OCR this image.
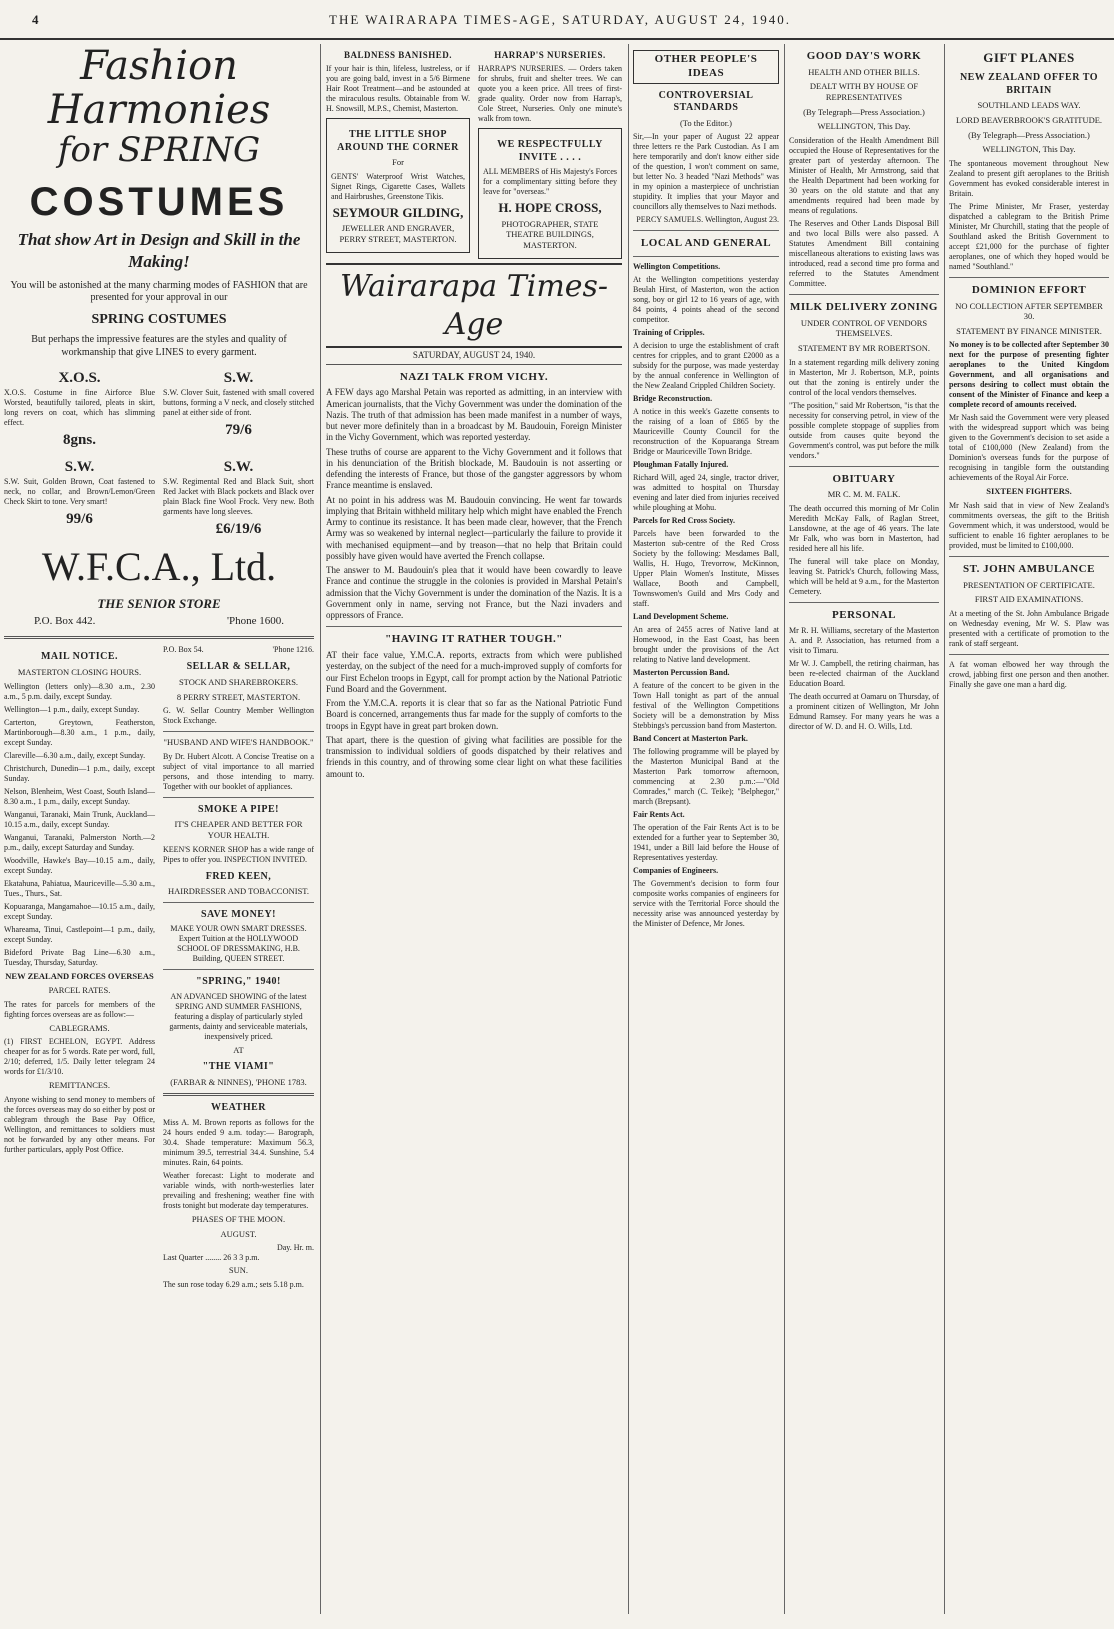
4	THE WAIRARAPA TIMES-AGE, SATURDAY, AUGUST 24, 1940.
Fashion
Harmonies
for SPRING
COSTUMES
That show Art in Design and Skill in the Making!

You will be astonished at the many charming modes of FASHION that are presented for your approval in our

SPRING COSTUMES

But perhaps the impressive features are the styles and quality of workmanship that give LINES to every garment.

X.O.S.

X.O.S. Costume in fine Airforce Blue Worsted, beautifully tailored, pleats in skirt, long revers on coat, which has slimming effect.

8gns.
S.W.

S.W. Clover Suit, fastened with small covered buttons, forming a V neck, and closely stitched panel at either side of front.

79/6
S.W.

S.W. Suit, Golden Brown, Coat fastened to neck, no collar, and Brown/Lemon/Green Check Skirt to tone. Very smart!

99/6
S.W.

S.W. Regimental Red and Black Suit, short Red Jacket with Black pockets and Black over plain Black fine Wool Frock. Very new. Both garments have long sleeves.

£6/19/6
W.F.C.A., Ltd.
THE SENIOR STORE
P.O. Box 442.	'Phone 1600.
MAIL NOTICE.
MASTERTON CLOSING HOURS.

Wellington (letters only)—8.30 a.m., 2.30 a.m., 5 p.m. daily, except Sunday.

Wellington—1 p.m., daily, except Sunday.

Carterton, Greytown, Featherston, Martinborough—8.30 a.m., 1 p.m., daily, except Sunday.

Clareville—6.30 a.m., daily, except Sunday.

Christchurch, Dunedin—1 p.m., daily, except Sunday.

Nelson, Blenheim, West Coast, South Island—8.30 a.m., 1 p.m., daily, except Sunday.

Wanganui, Taranaki, Main Trunk, Auckland—10.15 a.m., daily, except Sunday.

Wanganui, Taranaki, Palmerston North.—2 p.m., daily, except Saturday and Sunday.

Woodville, Hawke's Bay—10.15 a.m., daily, except Sunday.

Ekatahuna, Pahiatua, Mauriceville—5.30 a.m., Tues., Thurs., Sat.

Kopuaranga, Mangamahoe—10.15 a.m., daily, except Sunday.

Whareama, Tinui, Castlepoint—1 p.m., daily, except Sunday.

Bideford Private Bag Line—6.30 a.m., Tuesday, Thursday, Saturday.

NEW ZEALAND FORCES OVERSEAS
PARCEL RATES.

The rates for parcels for members of the fighting forces overseas are as follow:—

CABLEGRAMS.

(1) FIRST ECHELON, EGYPT. Address cheaper for as for 5 words. Rate per word, full, 2/10; deferred, 1/5. Daily letter telegram 24 words for £1/3/10.

REMITTANCES.

Anyone wishing to send money to members of the forces overseas may do so either by post or cablegram through the Base Pay Office, Wellington, and remittances to soldiers must not be forwarded by any other means. For further particulars, apply Post Office.

P.O. Box 54.	'Phone 1216.
SELLAR & SELLAR,
STOCK AND SHAREBROKERS.
8 PERRY STREET, MASTERTON.

G. W. Sellar Country Member Wellington Stock Exchange.

"HUSBAND AND WIFE'S HANDBOOK."

By Dr. Hubert Alcott. A Concise Treatise on a subject of vital importance to all married persons, and those intending to marry. Together with our booklet of appliances.

SMOKE A PIPE!
IT'S CHEAPER AND BETTER FOR YOUR HEALTH.

KEEN'S KORNER SHOP has a wide range of Pipes to offer you. INSPECTION INVITED.

FRED KEEN,
HAIRDRESSER AND TOBACCONIST.
SAVE MONEY!

MAKE YOUR OWN SMART DRESSES. Expert Tuition at the HOLLYWOOD SCHOOL OF DRESSMAKING, H.B. Building, QUEEN STREET.

"SPRING," 1940!

AN ADVANCED SHOWING of the latest SPRING AND SUMMER FASHIONS, featuring a display of particularly styled garments, dainty and serviceable materials, inexpensively priced.

AT
"THE VIAMI"
(FARBAR & NINNES), 'PHONE 1783.
WEATHER

Miss A. M. Brown reports as follows for the 24 hours ended 9 a.m. today:— Barograph, 30.4. Shade temperature: Maximum 56.3, minimum 39.5, terrestrial 34.4. Sunshine, 5.4 minutes. Rain, 64 points.

Weather forecast: Light to moderate and variable winds, with north-westerlies later prevailing and freshening; weather fine with frosts tonight but moderate day temperatures.

PHASES OF THE MOON.
AUGUST.
Day. Hr. m.
Last Quarter ........ 26 3 3 p.m.
SUN.

The sun rose today 6.29 a.m.; sets 5.18 p.m.

BALDNESS BANISHED.

If your hair is thin, lifeless, lustreless, or if you are going bald, invest in a 5/6 Birmene Hair Root Treatment—and be astounded at the miraculous results. Obtainable from W. H. Snowsill, M.P.S., Chemist, Masterton.

THE LITTLE SHOP AROUND THE CORNER
For

GENTS' Waterproof Wrist Watches, Signet Rings, Cigarette Cases, Wallets and Hairbrushes, Greenstone Tikis.

SEYMOUR GILDING,
JEWELLER AND ENGRAVER, PERRY STREET, MASTERTON.
HARRAP'S NURSERIES.

HARRAP'S NURSERIES. — Orders taken for shrubs, fruit and shelter trees. We can quote you a keen price. All trees of first-grade quality. Order now from Harrap's, Cole Street, Nurseries. Only one minute's walk from town.

WE RESPECTFULLY INVITE . . . .

ALL MEMBERS of His Majesty's Forces for a complimentary sitting before they leave for "overseas."

H. HOPE CROSS,
PHOTOGRAPHER, STATE THEATRE BUILDINGS, MASTERTON.
Wairarapa Times-Age
SATURDAY, AUGUST 24, 1940.
NAZI TALK FROM VICHY.

A FEW days ago Marshal Petain was reported as admitting, in an interview with American journalists, that the Vichy Government was under the domination of the Nazis. The truth of that admission has been made manifest in a number of ways, but never more definitely than in a broadcast by M. Baudouin, Foreign Minister in the Vichy Government, which was reported yesterday.

These truths of course are apparent to the Vichy Government and it follows that in his denunciation of the British blockade, M. Baudouin is not asserting or defending the interests of France, but those of the gangster aggressors by whom France meantime is enslaved.

At no point in his address was M. Baudouin convincing. He went far towards implying that Britain withheld military help which might have enabled the French Army to continue its resistance. It has been made clear, however, that the French Army was so weakened by internal neglect—particularly the failure to provide it with mechanised equipment—and by treason—that no help that Britain could possibly have given would have averted the French collapse.

The answer to M. Baudouin's plea that it would have been cowardly to leave France and continue the struggle in the colonies is provided in Marshal Petain's admission that the Vichy Government is under the domination of the Nazis. It is a Government only in name, serving not France, but the Nazi invaders and oppressors of France.

"HAVING IT RATHER TOUGH."

AT their face value, Y.M.C.A. reports, extracts from which were published yesterday, on the subject of the need for a much-improved supply of comforts for our First Echelon troops in Egypt, call for prompt action by the National Patriotic Fund Board and the Government.

From the Y.M.C.A. reports it is clear that so far as the National Patriotic Fund Board is concerned, arrangements thus far made for the supply of comforts to the troops in Egypt have in great part broken down.

That apart, there is the question of giving what facilities are possible for the transmission to individual soldiers of goods dispatched by their relatives and friends in this country, and of throwing some clear light on what these facilities amount to.

OTHER PEOPLE'S IDEAS
CONTROVERSIAL STANDARDS
(To the Editor.)

Sir,—In your paper of August 22 appear three letters re the Park Custodian. As I am here temporarily and don't know either side of the question, I won't comment on same, but letter No. 3 headed "Nazi Methods" was in my opinion a masterpiece of unchristian stupidity. It implies that your Mayor and councillors ally themselves to Nazi methods.

PERCY SAMUELS. Wellington, August 23.

LOCAL AND GENERAL

Wellington Competitions.

At the Wellington competitions yesterday Beulah Hirst, of Masterton, won the action song, boy or girl 12 to 16 years of age, with 84 points, 4 points ahead of the second competitor.

Training of Cripples.

A decision to urge the establishment of craft centres for cripples, and to grant £2000 as a subsidy for the purpose, was made yesterday by the annual conference in Wellington of the New Zealand Crippled Children Society.

Bridge Reconstruction.

A notice in this week's Gazette consents to the raising of a loan of £865 by the Mauriceville County Council for the reconstruction of the Kopuaranga Stream Bridge or Mauriceville Town Bridge.

Ploughman Fatally Injured.

Richard Will, aged 24, single, tractor driver, was admitted to hospital on Thursday evening and later died from injuries received while ploughing at Mohu.

Parcels for Red Cross Society.

Parcels have been forwarded to the Masterton sub-centre of the Red Cross Society by the following: Mesdames Ball, Wallis, H. Hugo, Trevorrow, McKinnon, Upper Plain Women's Institute, Misses Wallace, Booth and Campbell, Townswomen's Guild and Mrs Cody and staff.

Land Development Scheme.

An area of 2455 acres of Native land at Homewood, in the East Coast, has been brought under the provisions of the Act relating to Native land development.

Masterton Percussion Band.

A feature of the concert to be given in the Town Hall tonight as part of the annual festival of the Wellington Competitions Society will be a demonstration by Miss Stebbings's percussion band from Masterton.

Band Concert at Masterton Park.

The following programme will be played by the Masterton Municipal Band at the Masterton Park tomorrow afternoon, commencing at 2.30 p.m.:—"Old Comrades," march (C. Teike); "Belphegor," march (Brepsant).

Fair Rents Act.

The operation of the Fair Rents Act is to be extended for a further year to September 30, 1941, under a Bill laid before the House of Representatives yesterday.

Companies of Engineers.

The Government's decision to form four composite works companies of engineers for service with the Territorial Force should the necessity arise was announced yesterday by the Minister of Defence, Mr Jones.

GOOD DAY'S WORK
HEALTH AND OTHER BILLS.
DEALT WITH BY HOUSE OF REPRESENTATIVES
(By Telegraph—Press Association.)
WELLINGTON, This Day.

Consideration of the Health Amendment Bill occupied the House of Representatives for the greater part of yesterday afternoon. The Minister of Health, Mr Armstrong, said that the Health Department had been working for 30 years on the old statute and that any amendments required had been made by means of regulations.

The Reserves and Other Lands Disposal Bill and two local Bills were also passed. A Statutes Amendment Bill containing miscellaneous alterations to existing laws was introduced, read a second time pro forma and referred to the Statutes Amendment Committee.

MILK DELIVERY ZONING
UNDER CONTROL OF VENDORS THEMSELVES.
STATEMENT BY MR ROBERTSON.

In a statement regarding milk delivery zoning in Masterton, Mr J. Robertson, M.P., points out that the zoning is entirely under the control of the local vendors themselves.

"The position," said Mr Robertson, "is that the necessity for conserving petrol, in view of the possible complete stoppage of supplies from outside from causes quite beyond the Government's control, was put before the milk vendors."

OBITUARY
MR C. M. M. FALK.

The death occurred this morning of Mr Colin Meredith McKay Falk, of Raglan Street, Lansdowne, at the age of 46 years. The late Mr Falk, who was born in Masterton, had resided here all his life.

The funeral will take place on Monday, leaving St. Patrick's Church, following Mass, which will be held at 9 a.m., for the Masterton Cemetery.

PERSONAL

Mr R. H. Williams, secretary of the Masterton A. and P. Association, has returned from a visit to Timaru.

Mr W. J. Campbell, the retiring chairman, has been re-elected chairman of the Auckland Education Board.

The death occurred at Oamaru on Thursday, of a prominent citizen of Wellington, Mr John Edmund Ramsey. For many years he was a director of W. D. and H. O. Wills, Ltd.

GIFT PLANES
NEW ZEALAND OFFER TO BRITAIN
SOUTHLAND LEADS WAY.
LORD BEAVERBROOK'S GRATITUDE.
(By Telegraph—Press Association.)
WELLINGTON, This Day.

The spontaneous movement throughout New Zealand to present gift aeroplanes to the British Government has evoked considerable interest in Britain.

The Prime Minister, Mr Fraser, yesterday dispatched a cablegram to the British Prime Minister, Mr Churchill, stating that the people of Southland asked the British Government to accept £21,000 for the purchase of fighter aeroplanes, one of which they hoped would be named "Southland."

DOMINION EFFORT
NO COLLECTION AFTER SEPTEMBER 30.
STATEMENT BY FINANCE MINISTER.

No money is to be collected after September 30 next for the purpose of presenting fighter aeroplanes to the United Kingdom Government, and all organisations and persons desiring to collect must obtain the consent of the Minister of Finance and keep a complete record of amounts received.

Mr Nash said the Government were very pleased with the widespread support which was being given to the Government's decision to set aside a total of £100,000 (New Zealand) from the Dominion's overseas funds for the purpose of recognising in tangible form the outstanding achievements of the Royal Air Force.

SIXTEEN FIGHTERS.

Mr Nash said that in view of New Zealand's commitments overseas, the gift to the British Government which, it was understood, would be sufficient to enable 16 fighter aeroplanes to be provided, must be limited to £100,000.

ST. JOHN AMBULANCE
PRESENTATION OF CERTIFICATE.
FIRST AID EXAMINATIONS.

At a meeting of the St. John Ambulance Brigade on Wednesday evening, Mr W. S. Plaw was presented with a certificate of promotion to the rank of staff sergeant.

A fat woman elbowed her way through the crowd, jabbing first one person and then another. Finally she gave one man a hard dig.
